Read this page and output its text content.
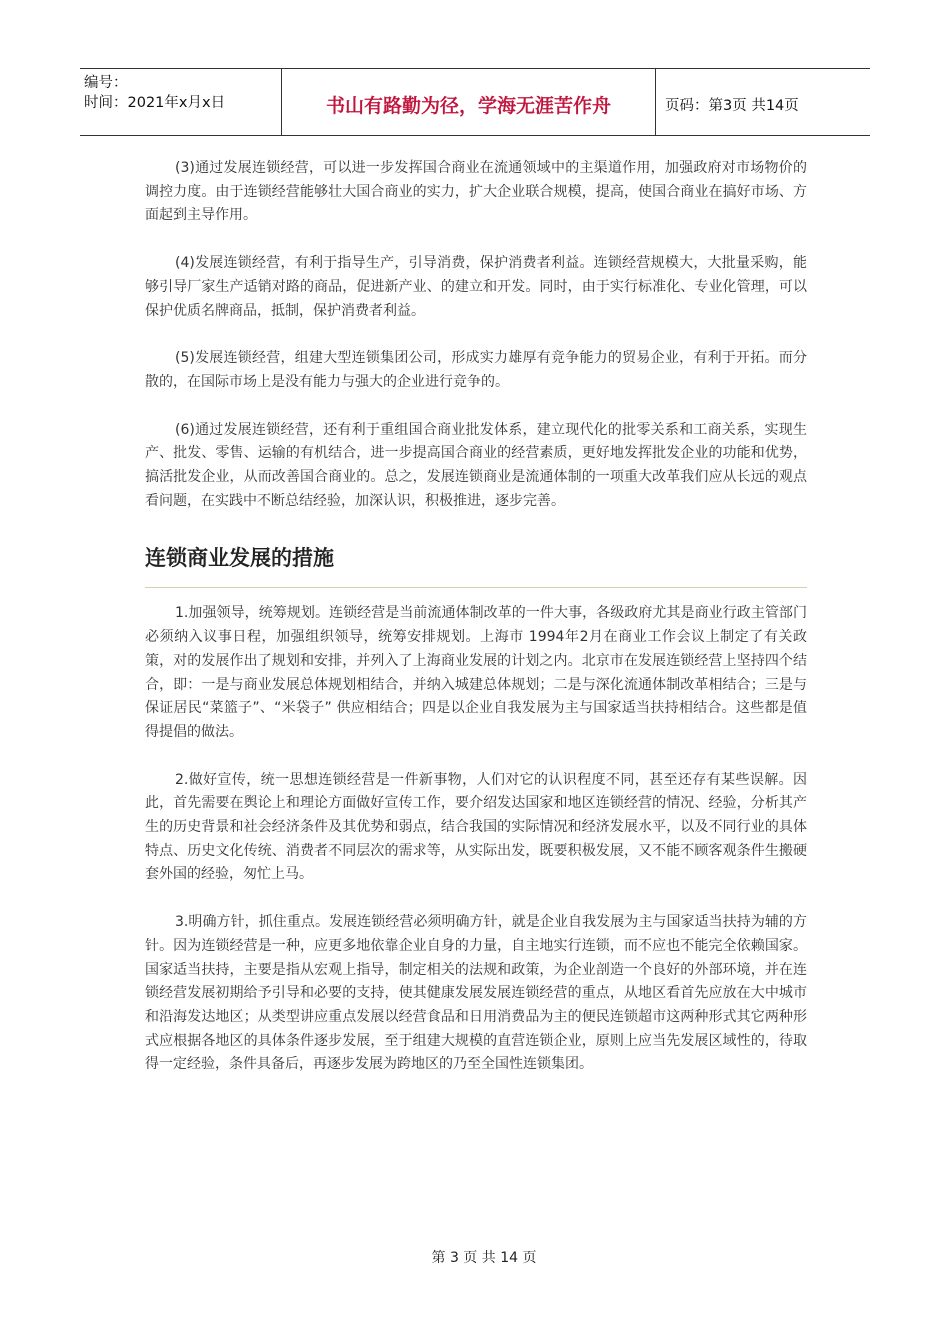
编号：
时间：2021年x月x日	书山有路勤为径，学海无涯苦作舟	页码：第3页 共14页

(3)通过发展连锁经营，可以进一步发挥国合商业在流通领域中的主渠道作用，加强政府对市场物价的调控力度。由于连锁经营能够壮大国合商业的实力，扩大企业联合规模，提高，使国合商业在搞好市场、方面起到主导作用。

(4)发展连锁经营，有利于指导生产，引导消费，保护消费者利益。连锁经营规模大，大批量采购，能够引导厂家生产适销对路的商品，促进新产业、的建立和开发。同时，由于实行标准化、专业化管理，可以保护优质名牌商品，抵制，保护消费者利益。

(5)发展连锁经营，组建大型连锁集团公司，形成实力雄厚有竞争能力的贸易企业，有利于开拓。而分散的，在国际市场上是没有能力与强大的企业进行竞争的。

(6)通过发展连锁经营，还有利于重组国合商业批发体系，建立现代化的批零关系和工商关系，实现生产、批发、零售、运输的有机结合，进一步提高国合商业的经营素质，更好地发挥批发企业的功能和优势，搞活批发企业，从而改善国合商业的。总之，发展连锁商业是流通体制的一项重大改革我们应从长远的观点看问题，在实践中不断总结经验，加深认识，积极推进，逐步完善。

连锁商业发展的措施

1.加强领导，统筹规划。连锁经营是当前流通体制改革的一件大事，各级政府尤其是商业行政主管部门必须纳入议事日程，加强组织领导，统筹安排规划。上海市 1994年2月在商业工作会议上制定了有关政策，对的发展作出了规划和安排，并列入了上海商业发展的计划之内。北京市在发展连锁经营上坚持四个结合，即：一是与商业发展总体规划相结合，并纳入城建总体规划；二是与深化流通体制改革相结合；三是与保证居民“菜篮子”、“米袋子” 供应相结合；四是以企业自我发展为主与国家适当扶持相结合。这些都是值得提倡的做法。

2.做好宣传，统一思想连锁经营是一件新事物，人们对它的认识程度不同，甚至还存有某些误解。因此，首先需要在舆论上和理论方面做好宣传工作，要介绍发达国家和地区连锁经营的情况、经验，分析其产生的历史背景和社会经济条件及其优势和弱点，结合我国的实际情况和经济发展水平，以及不同行业的具体特点、历史文化传统、消费者不同层次的需求等，从实际出发，既要积极发展，又不能不顾客观条件生搬硬套外国的经验，匆忙上马。

3.明确方针，抓住重点。发展连锁经营必须明确方针，就是企业自我发展为主与国家适当扶持为辅的方针。因为连锁经营是一种，应更多地依靠企业自身的力量，自主地实行连锁，而不应也不能完全依赖国家。国家适当扶持，主要是指从宏观上指导，制定相关的法规和政策，为企业剖造一个良好的外部环境，并在连锁经营发展初期给予引导和必要的支持，使其健康发展发展连锁经营的重点，从地区看首先应放在大中城市和沿海发达地区；从类型讲应重点发展以经营食品和日用消费品为主的便民连锁超市这两种形式其它两种形式应根据各地区的具体条件逐步发展，至于组建大规模的直营连锁企业，原则上应当先发展区域性的，待取得一定经验，条件具备后，再逐步发展为跨地区的乃至全国性连锁集团。

第 3 页 共 14 页
